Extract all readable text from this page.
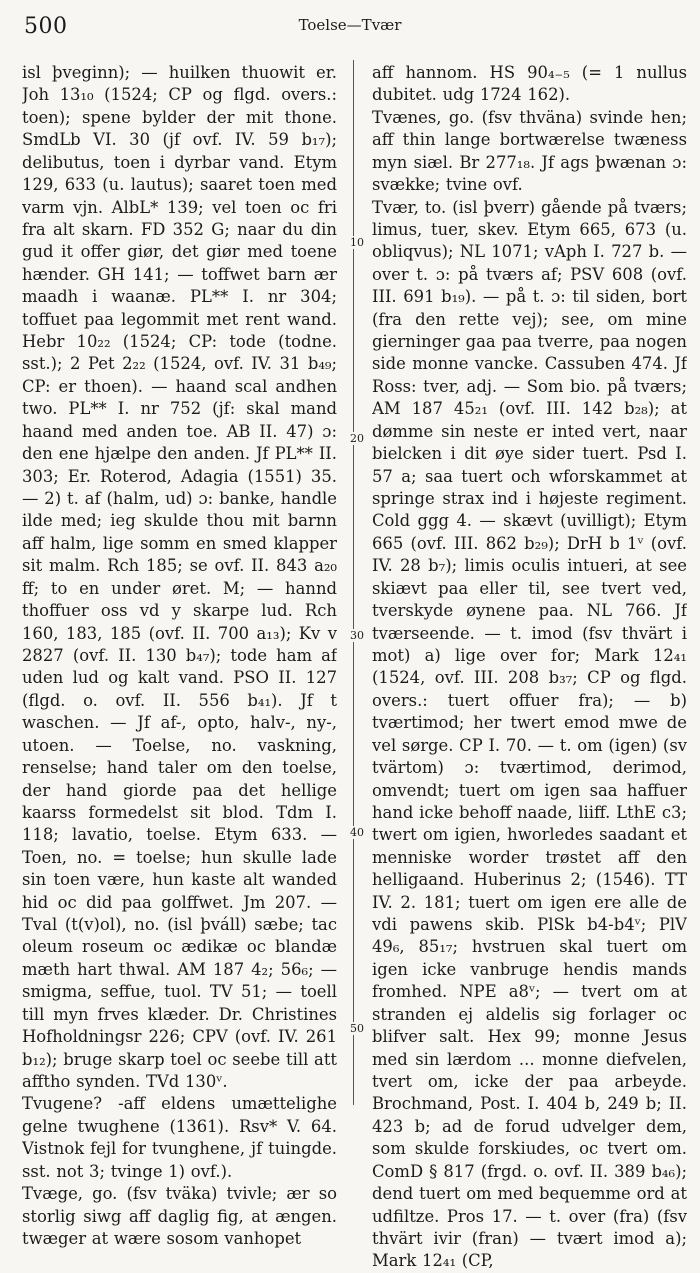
500	Toelse—Tvær
10
20
30
40
50

isl þveginn); — huilken thuowit er. Joh 13₁₀ (1524; CP og flgd. overs.: toen); spene bylder der mit thone. SmdLb VI. 30 (jf ovf. IV. 59 b₁₇); delibutus, toen i dyrbar vand. Etym 129, 633 (u. lautus); saaret toen med varm vjn. AlbL* 139; vel toen oc fri fra alt skarn. FD 352 G; naar du din gud it offer giør, det giør med toene hænder. GH 141; — toffwet barn ær maadh i waanæ. PL** I. nr 304; toffuet paa legommit met rent wand. Hebr 10₂₂ (1524; CP: tode (todne. sst.); 2 Pet 2₂₂ (1524, ovf. IV. 31 b₄₉; CP: er thoen). — haand scal andhen two. PL** I. nr 752 (jf: skal mand haand med anden toe. AB II. 47) ɔ: den ene hjælpe den anden. Jf PL** II. 303; Er. Roterod, Adagia (1551) 35. — 2) t. af (halm, ud) ɔ: banke, handle ilde med; ieg skulde thou mit barnn aff halm, lige somm en smed klapper sit malm. Rch 185; se ovf. II. 843 a₂₀ ff; to en under øret. M; — hannd thoffuer oss vd y skarpe lud. Rch 160, 183, 185 (ovf. II. 700 a₁₃); Kv v 2827 (ovf. II. 130 b₄₇); tode ham af uden lud og kalt vand. PSO II. 127 (flgd. o. ovf. II. 556 b₄₁). Jf t waschen. — Jf af-, opto, halv-, ny-, utoen. — Toelse, no. vaskning, renselse; hand taler om den toelse, der hand giorde paa det hellige kaarss formedelst sit blod. Tdm I. 118; lavatio, toelse. Etym 633. — Toen, no. = toelse; hun skulle lade sin toen være, hun kaste alt wanded hid oc did paa golffwet. Jm 207. — Tval (t(v)ol), no. (isl þváll) sæbe; tac oleum roseum oc ædikæ oc blandæ mæth hart thwal. AM 187 4₂; 56₆; — smigma, seffue, tuol. TV 51; — toell till myn frves klæder. Dr. Christines Hofholdningsr 226; CPV (ovf. IV. 261 b₁₂); bruge skarp toel oc seebe till att affthο synden. TVd 130ᵛ.

Tvugene? -aff eldens umættelighe gelne twughene (1361). Rsv* V. 64. Vistnok fejl for tvunghene, jf tuingde. sst. not 3; tvinge 1) ovf.).

Tvæge, go. (fsv tväka) tvivle; ær so storlig siwg aff daglig fig, at ængen. twæger at wære sosom vanhopet

aff hannom. HS 90₄₋₅ (= 1 nullus dubitet. udg 1724 162).

Tvænes, go. (fsv thväna) svinde hen; aff thin lange bortwærelse twæness myn siæl. Br 277₁₈. Jf ags þwænan ɔ: svække; tvine ovf.

Tvær, to. (isl þverr) gående på tværs; limus, tuer, skev. Etym 665, 673 (u. obliqvus); NL 1071; vAph I. 727 b. — over t. ɔ: på tværs af; PSV 608 (ovf. III. 691 b₁₉). — på t. ɔ: til siden, bort (fra den rette vej); see, om mine gierninger gaa paa tverre, paa nogen side monne vancke. Cassuben 474. Jf Ross: tver, adj. — Som bio. på tværs; AM 187 45₂₁ (ovf. III. 142 b₂₈); at dømme sin neste er inted vert, naar bielcken i dit øye sider tuert. Psd I. 57 a; saa tuert och wforskammet at springe strax ind i højeste regiment. Cold ggg 4. — skævt (uvilligt); Etym 665 (ovf. III. 862 b₂₉); DrH b 1ᵛ (ovf. IV. 28 b₇); limis oculis intueri, at see skiævt paa eller til, see tvert ved, tverskyde øynene paa. NL 766. Jf tværseende. — t. imod (fsv thvärt i mot) a) lige over for; Mark 12₄₁ (1524, ovf. III. 208 b₃₇; CP og flgd. overs.: tuert offuer fra); — b) tværtimod; her twert emod mwe de vel sørge. CP I. 70. — t. om (igen) (sv tvärtom) ɔ: tværtimod, derimod, omvendt; tuert om igen saa haffuer hand icke behoff naade, liiff. LthE c3; twert om igien, hworledes saadant et menniske worder trøstet aff den helligaand. Huberinus 2; (1546). TT IV. 2. 181; tuert om igen ere alle de vdi pawens skib. PlSk b4-b4ᵛ; PlV 49₆, 85₁₇; hvstruen skal tuert om igen icke vanbruge hendis mands fromhed. NPE a8ᵛ; — tvert om at stranden ej aldelis sig forlager oc blifver salt. Hex 99; monne Jesus med sin lærdom ... monne diefvelen, tvert om, icke der paa arbeyde. Brochmand, Post. I. 404 b, 249 b; II. 423 b; ad de forud udvelger dem, som skulde forskiudes, oc tvert om. ComD § 817 (frgd. o. ovf. II. 389 b₄₆); dend tuert om med bequemme ord at udfiltze. Pros 17. — t. over (fra) (fsv thvärt ivir (fran) — tvært imod a); Mark 12₄₁ (CP,
